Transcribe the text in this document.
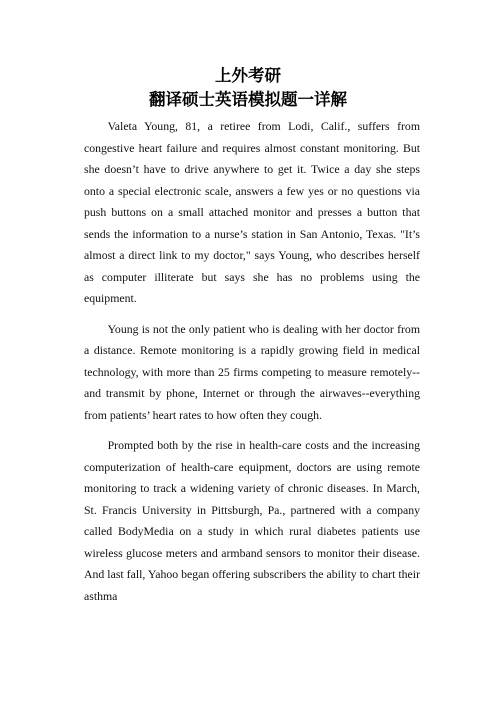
上外考研
翻译硕士英语模拟题一详解

Valeta Young, 81, a retiree from Lodi, Calif., suffers from congestive heart failure and requires almost constant monitoring. But she doesn’t have to drive anywhere to get it. Twice a day she steps onto a special electronic scale, answers a few yes or no questions via push buttons on a small attached monitor and presses a button that sends the information to a nurse’s station in San Antonio, Texas. "It’s almost a direct link to my doctor," says Young, who describes herself as computer illiterate but says she has no problems using the equipment.

Young is not the only patient who is dealing with her doctor from a distance. Remote monitoring is a rapidly growing field in medical technology, with more than 25 firms competing to measure remotely--and transmit by phone, Internet or through the airwaves--everything from patients’ heart rates to how often they cough.

Prompted both by the rise in health-care costs and the increasing computerization of health-care equipment, doctors are using remote monitoring to track a widening variety of chronic diseases. In March, St. Francis University in Pittsburgh, Pa., partnered with a company called BodyMedia on a study in which rural diabetes patients use wireless glucose meters and armband sensors to monitor their disease. And last fall, Yahoo began offering subscribers the ability to chart their asthma
